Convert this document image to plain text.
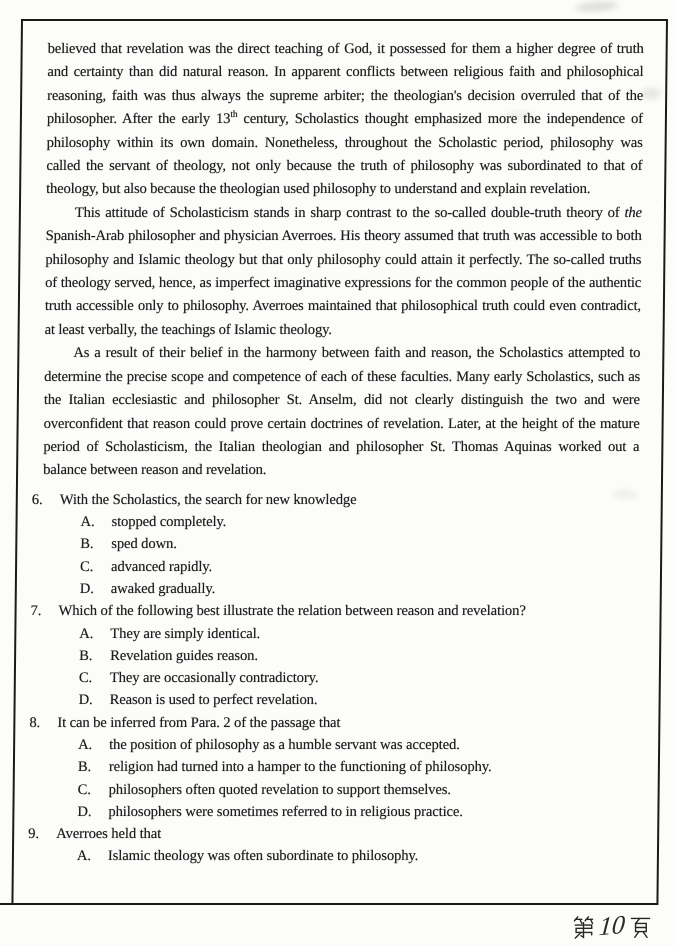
believed that revelation was the direct teaching of God, it possessed for them a higher degree of truth and certainty than did natural reason. In apparent conflicts between religious faith and philosophical reasoning, faith was thus always the supreme arbiter; the theologian's decision overruled that of the philosopher. After the early 13th century, Scholastics thought emphasized more the independence of philosophy within its own domain. Nonetheless, throughout the Scholastic period, philosophy was called the servant of theology, not only because the truth of philosophy was subordinated to that of theology, but also because the theologian used philosophy to understand and explain revelation.

This attitude of Scholasticism stands in sharp contrast to the so-called double-truth theory of the Spanish-Arab philosopher and physician Averroes. His theory assumed that truth was accessible to both philosophy and Islamic theology but that only philosophy could attain it perfectly. The so-called truths of theology served, hence, as imperfect imaginative expressions for the common people of the authentic truth accessible only to philosophy. Averroes maintained that philosophical truth could even contradict, at least verbally, the teachings of Islamic theology.

As a result of their belief in the harmony between faith and reason, the Scholastics attempted to determine the precise scope and competence of each of these faculties. Many early Scholastics, such as the Italian ecclesiastic and philosopher St. Anselm, did not clearly distinguish the two and were overconfident that reason could prove certain doctrines of revelation. Later, at the height of the mature period of Scholasticism, the Italian theologian and philosopher St. Thomas Aquinas worked out a balance between reason and revelation.

6.	With the Scholastics, the search for new knowledge
A.	stopped completely.
B.	sped down.
C.	advanced rapidly.
D.	awaked gradually.
7.	Which of the following best illustrate the relation between reason and revelation?
A.	They are simply identical.
B.	Revelation guides reason.
C.	They are occasionally contradictory.
D.	Reason is used to perfect revelation.
8.	It can be inferred from Para. 2 of the passage that
A.	the position of philosophy as a humble servant was accepted.
B.	religion had turned into a hamper to the functioning of philosophy.
C.	philosophers often quoted revelation to support themselves.
D.	philosophers were sometimes referred to in religious practice.
9.	Averroes held that
A.	Islamic theology was often subordinate to philosophy.
10
